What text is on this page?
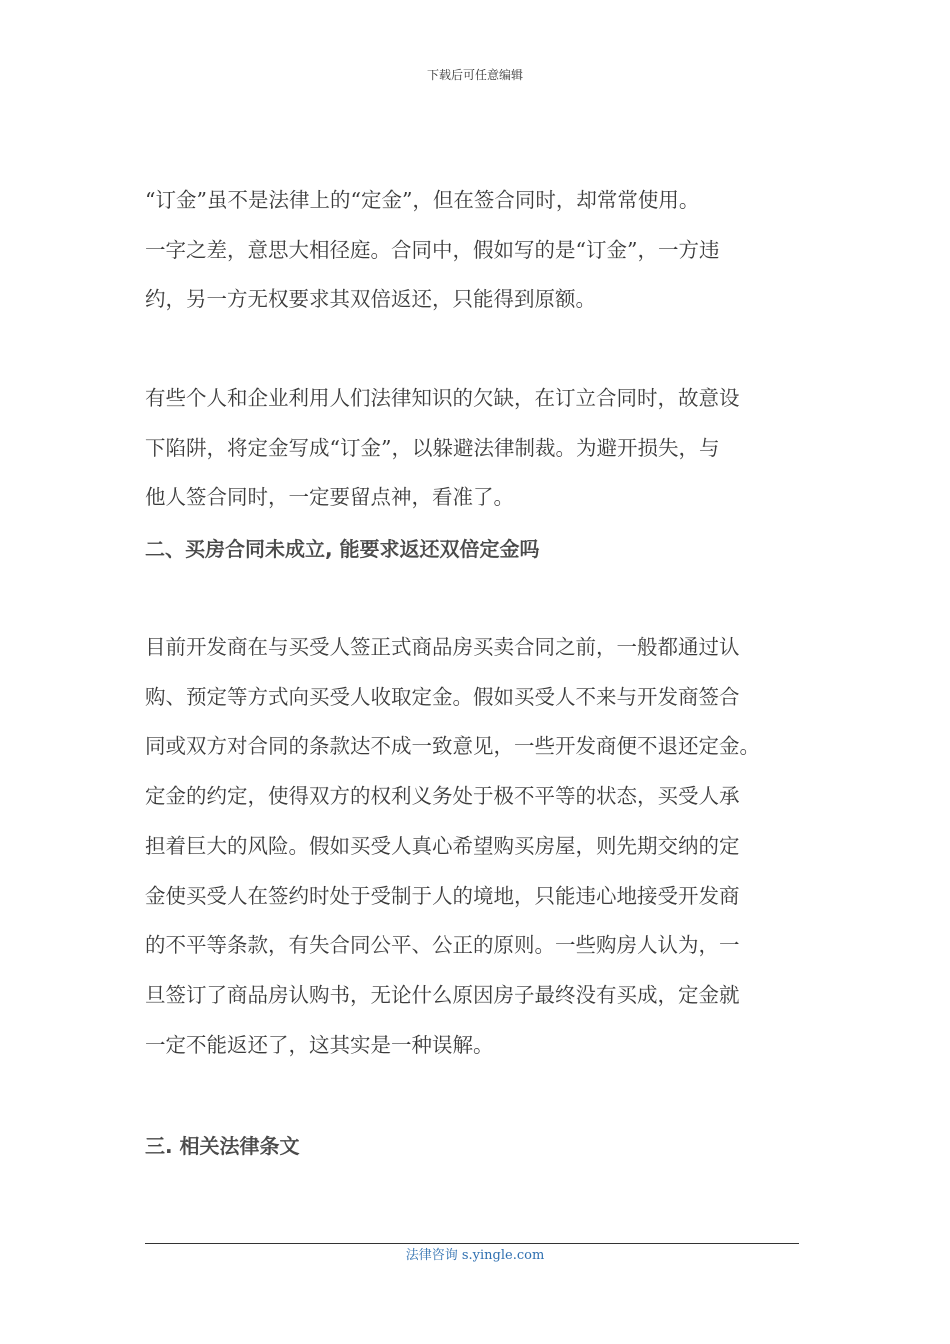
下载后可任意编辑

“订金”虽不是法律上的“定金”，但在签合同时，却常常使用。
一字之差，意思大相径庭。合同中，假如写的是“订金”，一方违
约，另一方无权要求其双倍返还，只能得到原额。

有些个人和企业利用人们法律知识的欠缺，在订立合同时，故意设
下陷阱，将定金写成“订金”，以躲避法律制裁。为避开损失，与
他人签合同时，一定要留点神，看准了。

二、买房合同未成立, 能要求返还双倍定金吗

目前开发商在与买受人签正式商品房买卖合同之前，一般都通过认
购、预定等方式向买受人收取定金。假如买受人不来与开发商签合
同或双方对合同的条款达不成一致意见，一些开发商便不退还定金。
定金的约定，使得双方的权利义务处于极不平等的状态，买受人承
担着巨大的风险。假如买受人真心希望购买房屋，则先期交纳的定
金使买受人在签约时处于受制于人的境地，只能违心地接受开发商
的不平等条款，有失合同公平、公正的原则。一些购房人认为，一
旦签订了商品房认购书，无论什么原因房子最终没有买成，定金就
一定不能返还了，这其实是一种误解。

三. 相关法律条文
法律咨询 s.yingle.com
